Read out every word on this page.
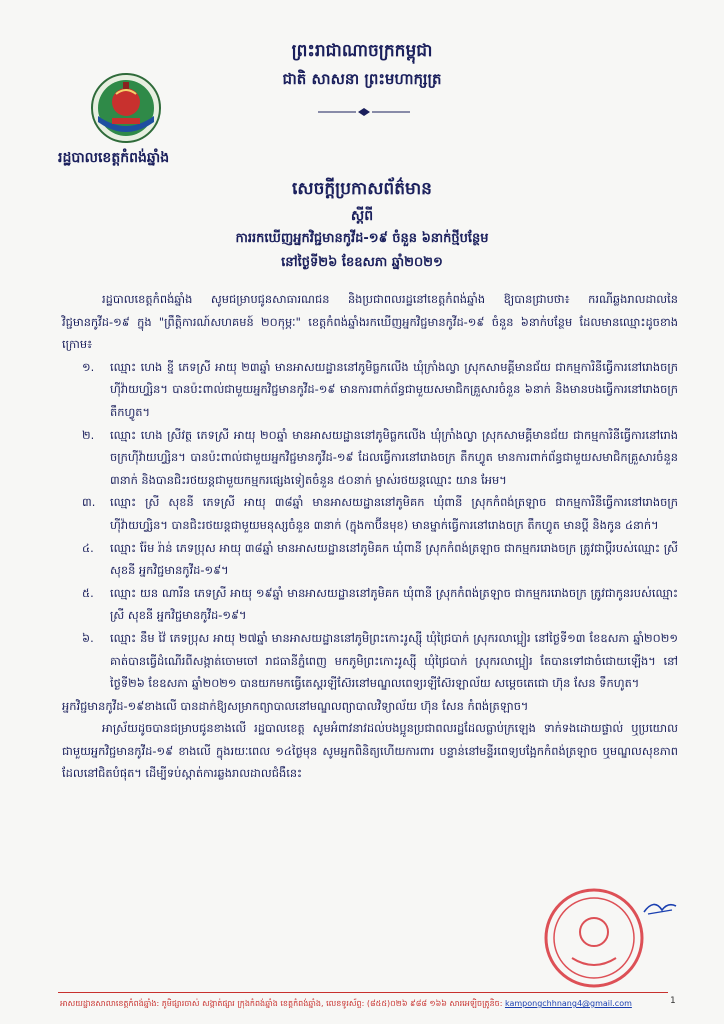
ព្រះរាជាណាចក្រកម្ពុជា
ជាតិ សាសនា ព្រះមហាក្សត្រ
រដ្ឋបាលខេត្តកំពង់ឆ្នាំង
សេចក្តីប្រកាសព័ត៌មាន
ស្តីពី
ការរកឃើញអ្នកវិជ្ជមានកូវីដ-១៩ ចំនួន ៦នាក់ថ្មីបន្ថែម
នៅថ្ងៃទី២៦ ខែឧសភា ឆ្នាំ២០២១

រដ្ឋបាលខេត្តកំពង់ឆ្នាំង សូមជម្រាបជូនសាធារណជន និងប្រជាពលរដ្ឋនៅខេត្តកំពង់ឆ្នាំង ឱ្យបានជ្រាបថា៖ ករណីឆ្លងរាលដាលនៃវិជ្ជមានកូវីដ-១៩ ក្នុង "ព្រឹត្តិការណ៍សហគមន៍ ២០កុម្ភៈ" ខេត្តកំពង់ឆ្នាំងរកឃើញអ្នកវិជ្ជមានកូវីដ-១៩ ចំនួន ៦នាក់បន្ថែម ដែលមានឈ្មោះដូចខាងក្រោម៖

១. ឈ្មោះ ហេង ខ្នី ភេទស្រី អាយុ ២៣ឆ្នាំ មានអាសយដ្ឋាននៅភូមិធ្លកលើង ឃុំក្រាំងល្វា ស្រុកសាមគ្គីមានជ័យ ជាកម្មការិនីធ្វើការនៅរោងចក្រហ៊ីវ៉ាយហ្វ្សិន។ បានប៉ះពាល់ជាមួយអ្នកវិជ្ជមានកូវីដ-១៩ មានការពាក់ព័ន្ធជាមួយសមាជិកគ្រួសារចំនួន ៦នាក់ និងមានបងធ្វើការនៅរោងចក្រ តឹកហ្វូត។

២. ឈ្មោះ ហេង ស្រីវត្ថ ភេទស្រី អាយុ ២០ឆ្នាំ មានអាសយដ្ឋាននៅភូមិធ្លកលើង ឃុំក្រាំងល្វា ស្រុកសាមគ្គីមានជ័យ ជាកម្មការិនីធ្វើការនៅរោងចក្រហ៊ីវ៉ាយហ្វ្សិន។ បានប៉ះពាល់ជាមួយអ្នកវិជ្ជមានកូវីដ-១៩ ដែលធ្វើការនៅរោងចក្រ តឹកហ្វូត មានការពាក់ព័ន្ធជាមួយសមាជិកគ្រួសារចំនួន ៣នាក់ និងបានជិះរថយន្តជាមួយកម្មករផ្សេងទៀតចំនួន ៥០នាក់ ម្ចាស់រថយន្តឈ្មោះ យាន អែម។

៣. ឈ្មោះ ស្រី សុខនី ភេទស្រី អាយុ ៣៨ឆ្នាំ មានអាសយដ្ឋាននៅភូមិគក ឃុំពានី ស្រុកកំពង់ត្រឡាច ជាកម្មការិនីធ្វើការនៅរោងចក្រហ៊ីវ៉ាយហ្វ្សិន។ បានជិះរថយន្តជាមួយមនុស្សចំនួន ៣នាក់ (ក្នុងកាប៊ីនមុខ) មានម្នាក់ធ្វើការនៅរោងចក្រ តឹកហ្វូត មានប្តី និងកូន ៤នាក់។

៤. ឈ្មោះ រ៉ែម រ៉ាន់ ភេទប្រុស អាយុ ៣៨ឆ្នាំ មានអាសយដ្ឋាននៅភូមិគក ឃុំពានី ស្រុកកំពង់ត្រឡាច ជាកម្មកររោងចក្រ ត្រូវជាប្តីរបស់ឈ្មោះ ស្រី សុខនី អ្នកវិជ្ជមានកូវីដ-១៩។

៥. ឈ្មោះ យន ណារីន ភេទស្រី អាយុ ១៩ឆ្នាំ មានអាសយដ្ឋាននៅភូមិគក ឃុំពានី ស្រុកកំពង់ត្រឡាច ជាកម្មកររោងចក្រ ត្រូវជាកូនរបស់ឈ្មោះ ស្រី សុខនី អ្នកវិជ្ជមានកូវីដ-១៩។

៦. ឈ្មោះ នឹម វ៉ៃ ភេទប្រុស អាយុ ២៧ឆ្នាំ មានអាសយដ្ឋាននៅភូមិព្រះកោះរូស្ស៊ី ឃុំជ្រៃបាក់ ស្រុករលាប្អៀរ នៅថ្ងៃទី១៣ ខែឧសភា ឆ្នាំ២០២១ គាត់បានធ្វើដំណើរពីសង្កាត់ចោមចៅ រាជធានីភ្នំពេញ មកភូមិព្រះកោះរូស្ស៊ី ឃុំជ្រៃបាក់ ស្រុករលាប្អៀរ តែបានទៅជាចំជោយឡើង។ នៅថ្ងៃទី២៦ ខែឧសភា ឆ្នាំ២០២១ បានយកមកធ្វើតេស្តរឡីស៊ែរនៅមណ្ឌលពេទ្យរឡីស៊ែរឡាល័យ សម្តេចតេជោ ហ៊ុន សែន ទឹកហូត។

អ្នកវិជ្ជមានកូវីដ-១៩ខាងលើ បានដាក់ឱ្យសម្រាកព្យាបាលនៅមណ្ឌលព្យាបាលវិទ្យាល័យ ហ៊ុន សែន កំពង់ត្រឡាច។

អាស្រ័យដូចបានជម្រាបជូនខាងលើ រដ្ឋបាលខេត្ត សូមអំពាវនាវដល់បងប្អូនប្រជាពលរដ្ឋដែលធ្លាប់ក្រឡេង ទាក់ទងដោយផ្ទាល់ ឬប្រយោលជាមួយអ្នកវិជ្ជមានកូវីដ-១៩ ខាងលើ ក្នុងរយៈពេល ១៤ថ្ងៃមុន សូមអ្នកពិនិត្យហើយការពារ បន្ទាន់នៅមន្ទីរពេទ្យបង្អែកកំពង់ត្រឡាច ឬមណ្ឌលសុខភាពដែលនៅជិតបំផុត។ ដើម្បីទប់ស្កាត់ការឆ្លងរាលដាលជំងឺនេះ

អាសយដ្ឋានសាលាខេត្តកំពង់ឆ្នាំង: ភូមិផ្សារចាស់ សង្កាត់ផ្សារ ក្រុងកំពង់ឆ្នាំង ខេត្តកំពង់ឆ្នាំង, លេខទូរស័ព្ទ: (៨៥៥)០២៦ ៩៨៨ ១៦៦ សារអេឡិចត្រូនិច: kampongchhnang4@gmail.com	1
